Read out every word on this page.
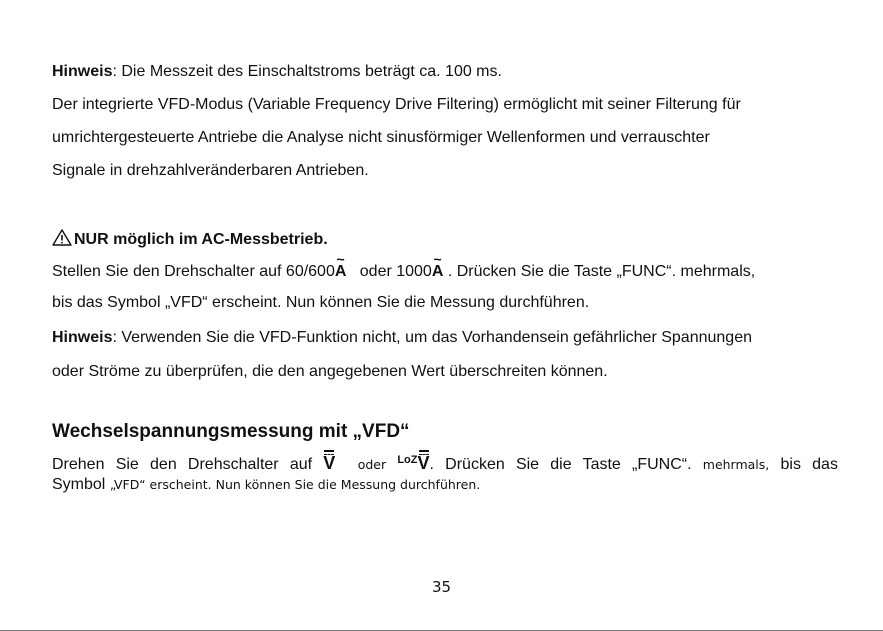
Hinweis: Die Messzeit des Einschaltstroms beträgt ca. 100 ms.
Der integrierte VFD-Modus (Variable Frequency Drive Filtering) ermöglicht mit seiner Filterung für
umrichtergesteuerte Antriebe die Analyse nicht sinusförmiger Wellenformen und verrauschter
Signale in drehzahlveränderbaren Antrieben.
NUR möglich im AC-Messbetrieb.
Stellen Sie den Drehschalter auf 60/600
~
A oder 1000
~
A . Drücken Sie die Taste „FUNC“. mehrmals,
bis das Symbol „VFD“ erscheint. Nun können Sie die Messung durchführen.
Hinweis: Verwenden Sie die VFD-Funktion nicht, um das Vorhandensein gefährlicher Spannungen
oder Ströme zu überprüfen, die den angegebenen Wert überschreiten können.
Wechselspannungsmessung mit „VFD“
Drehen Sie den Drehschalter auf V oder $^{LoZ}$
V. Drücken Sie die Taste „FUNC“. mehrmals, bis das
Symbol „VFD“ erscheint. Nun können Sie die Messung durchführen.
35
